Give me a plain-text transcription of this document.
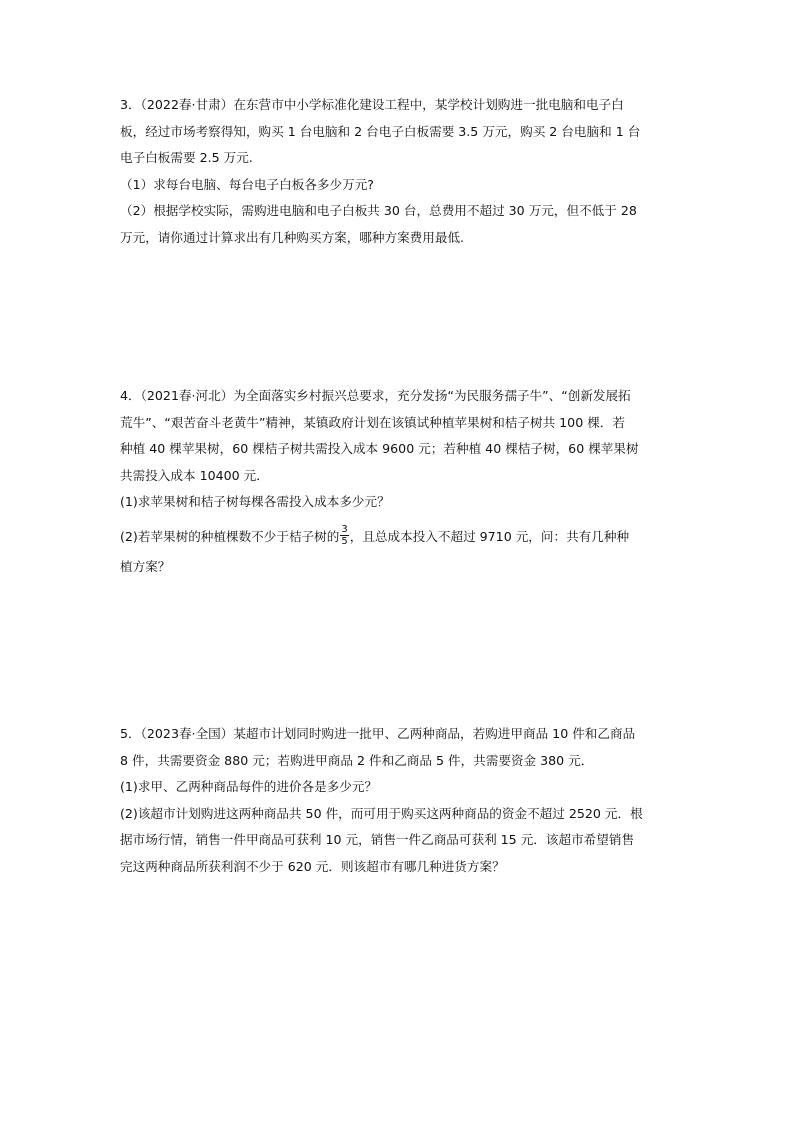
3．（2022春·甘肃）在东营市中小学标准化建设工程中，某学校计划购进一批电脑和电子白
板，经过市场考察得知，购买 1 台电脑和 2 台电子白板需要 3.5 万元，购买 2 台电脑和 1 台
电子白板需要 2.5 万元.
（1）求每台电脑、每台电子白板各多少万元?
（2）根据学校实际，需购进电脑和电子白板共 30 台，总费用不超过 30 万元，但不低于 28
万元，请你通过计算求出有几种购买方案，哪种方案费用最低.
4．（2021春·河北）为全面落实乡村振兴总要求，充分发扬“为民服务孺子牛”、“创新发展拓
荒牛”、“艰苦奋斗老黄牛”精神，某镇政府计划在该镇试种植苹果树和桔子树共 100 棵．若
种植 40 棵苹果树，60 棵桔子树共需投入成本 9600 元；若种植 40 棵桔子树，60 棵苹果树
共需投入成本 10400 元．
(1)求苹果树和桔子树每棵各需投入成本多少元？
(2)若苹果树的种植棵数不少于桔子树的 $\frac{3}{5}$ ，且总成本投入不超过 9710 元，问：共有几种种
植方案？
5．（2023春·全国）某超市计划同时购进一批甲、乙两种商品，若购进甲商品 10 件和乙商品
8 件，共需要资金 880 元；若购进甲商品 2 件和乙商品 5 件，共需要资金 380 元．
(1)求甲、乙两种商品每件的进价各是多少元？
(2)该超市计划购进这两种商品共 50 件，而可用于购买这两种商品的资金不超过 2520 元．根
据市场行情，销售一件甲商品可获利 10 元，销售一件乙商品可获利 15 元．该超市希望销售
完这两种商品所获利润不少于 620 元．则该超市有哪几种进货方案？
